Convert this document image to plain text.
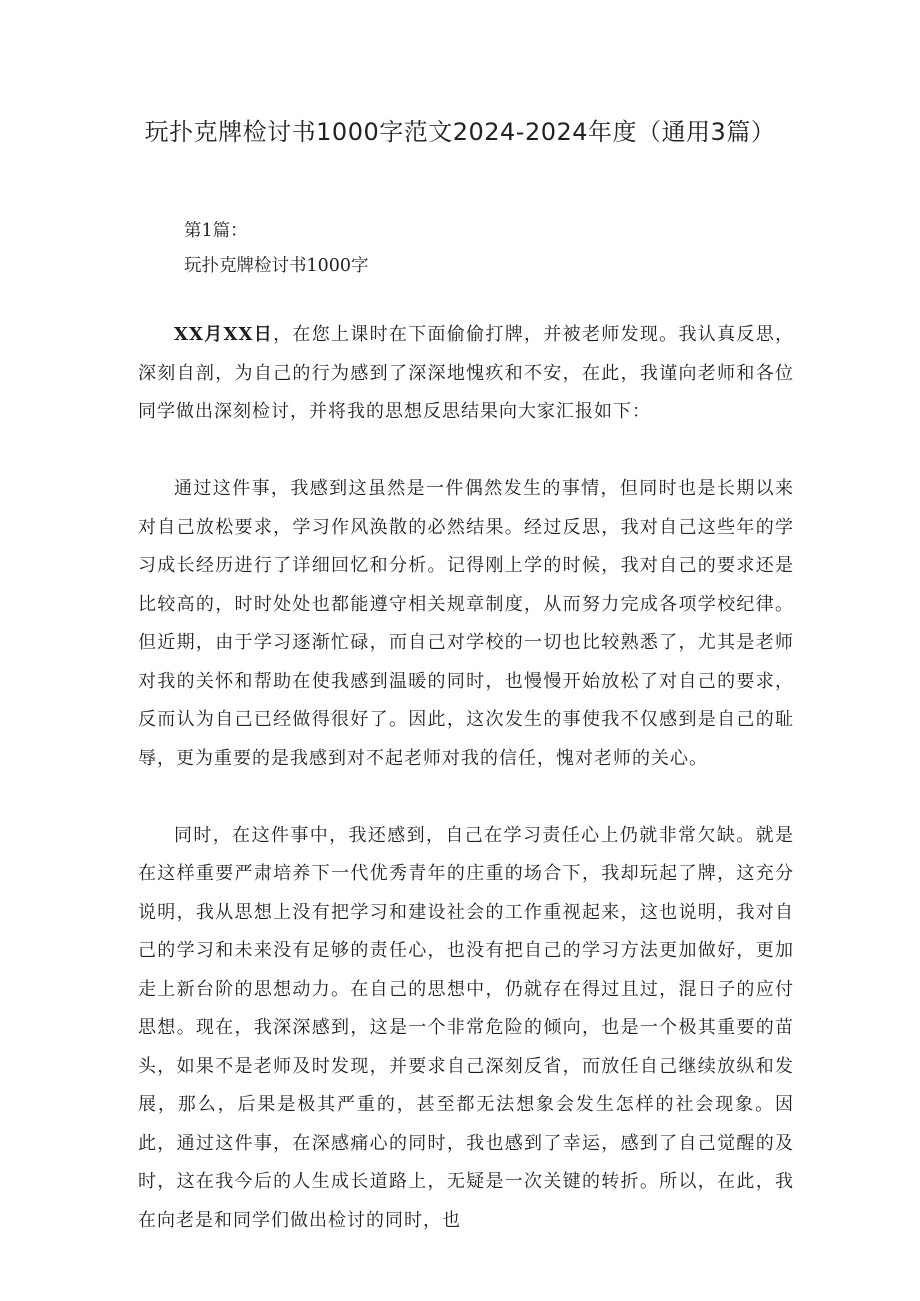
玩扑克牌检讨书1000字范文2024-2024年度（通用3篇）
第1篇：
玩扑克牌检讨书1000字

XX月XX日，在您上课时在下面偷偷打牌，并被老师发现。我认真反思，深刻自剖，为自己的行为感到了深深地愧疚和不安，在此，我谨向老师和各位同学做出深刻检讨，并将我的思想反思结果向大家汇报如下：

通过这件事，我感到这虽然是一件偶然发生的事情，但同时也是长期以来对自己放松要求，学习作风涣散的必然结果。经过反思，我对自己这些年的学习成长经历进行了详细回忆和分析。记得刚上学的时候，我对自己的要求还是比较高的，时时处处也都能遵守相关规章制度，从而努力完成各项学校纪律。但近期，由于学习逐渐忙碌，而自己对学校的一切也比较熟悉了，尤其是老师对我的关怀和帮助在使我感到温暖的同时，也慢慢开始放松了对自己的要求，反而认为自己已经做得很好了。因此，这次发生的事使我不仅感到是自己的耻辱，更为重要的是我感到对不起老师对我的信任，愧对老师的关心。

同时，在这件事中，我还感到，自己在学习责任心上仍就非常欠缺。就是在这样重要严肃培养下一代优秀青年的庄重的场合下，我却玩起了牌，这充分说明，我从思想上没有把学习和建设社会的工作重视起来，这也说明，我对自己的学习和未来没有足够的责任心，也没有把自己的学习方法更加做好，更加走上新台阶的思想动力。在自己的思想中，仍就存在得过且过，混日子的应付思想。现在，我深深感到，这是一个非常危险的倾向，也是一个极其重要的苗头，如果不是老师及时发现，并要求自己深刻反省，而放任自己继续放纵和发展，那么，后果是极其严重的，甚至都无法想象会发生怎样的社会现象。因此，通过这件事，在深感痛心的同时，我也感到了幸运，感到了自己觉醒的及时，这在我今后的人生成长道路上，无疑是一次关键的转折。所以，在此，我在向老是和同学们做出检讨的同时，也
